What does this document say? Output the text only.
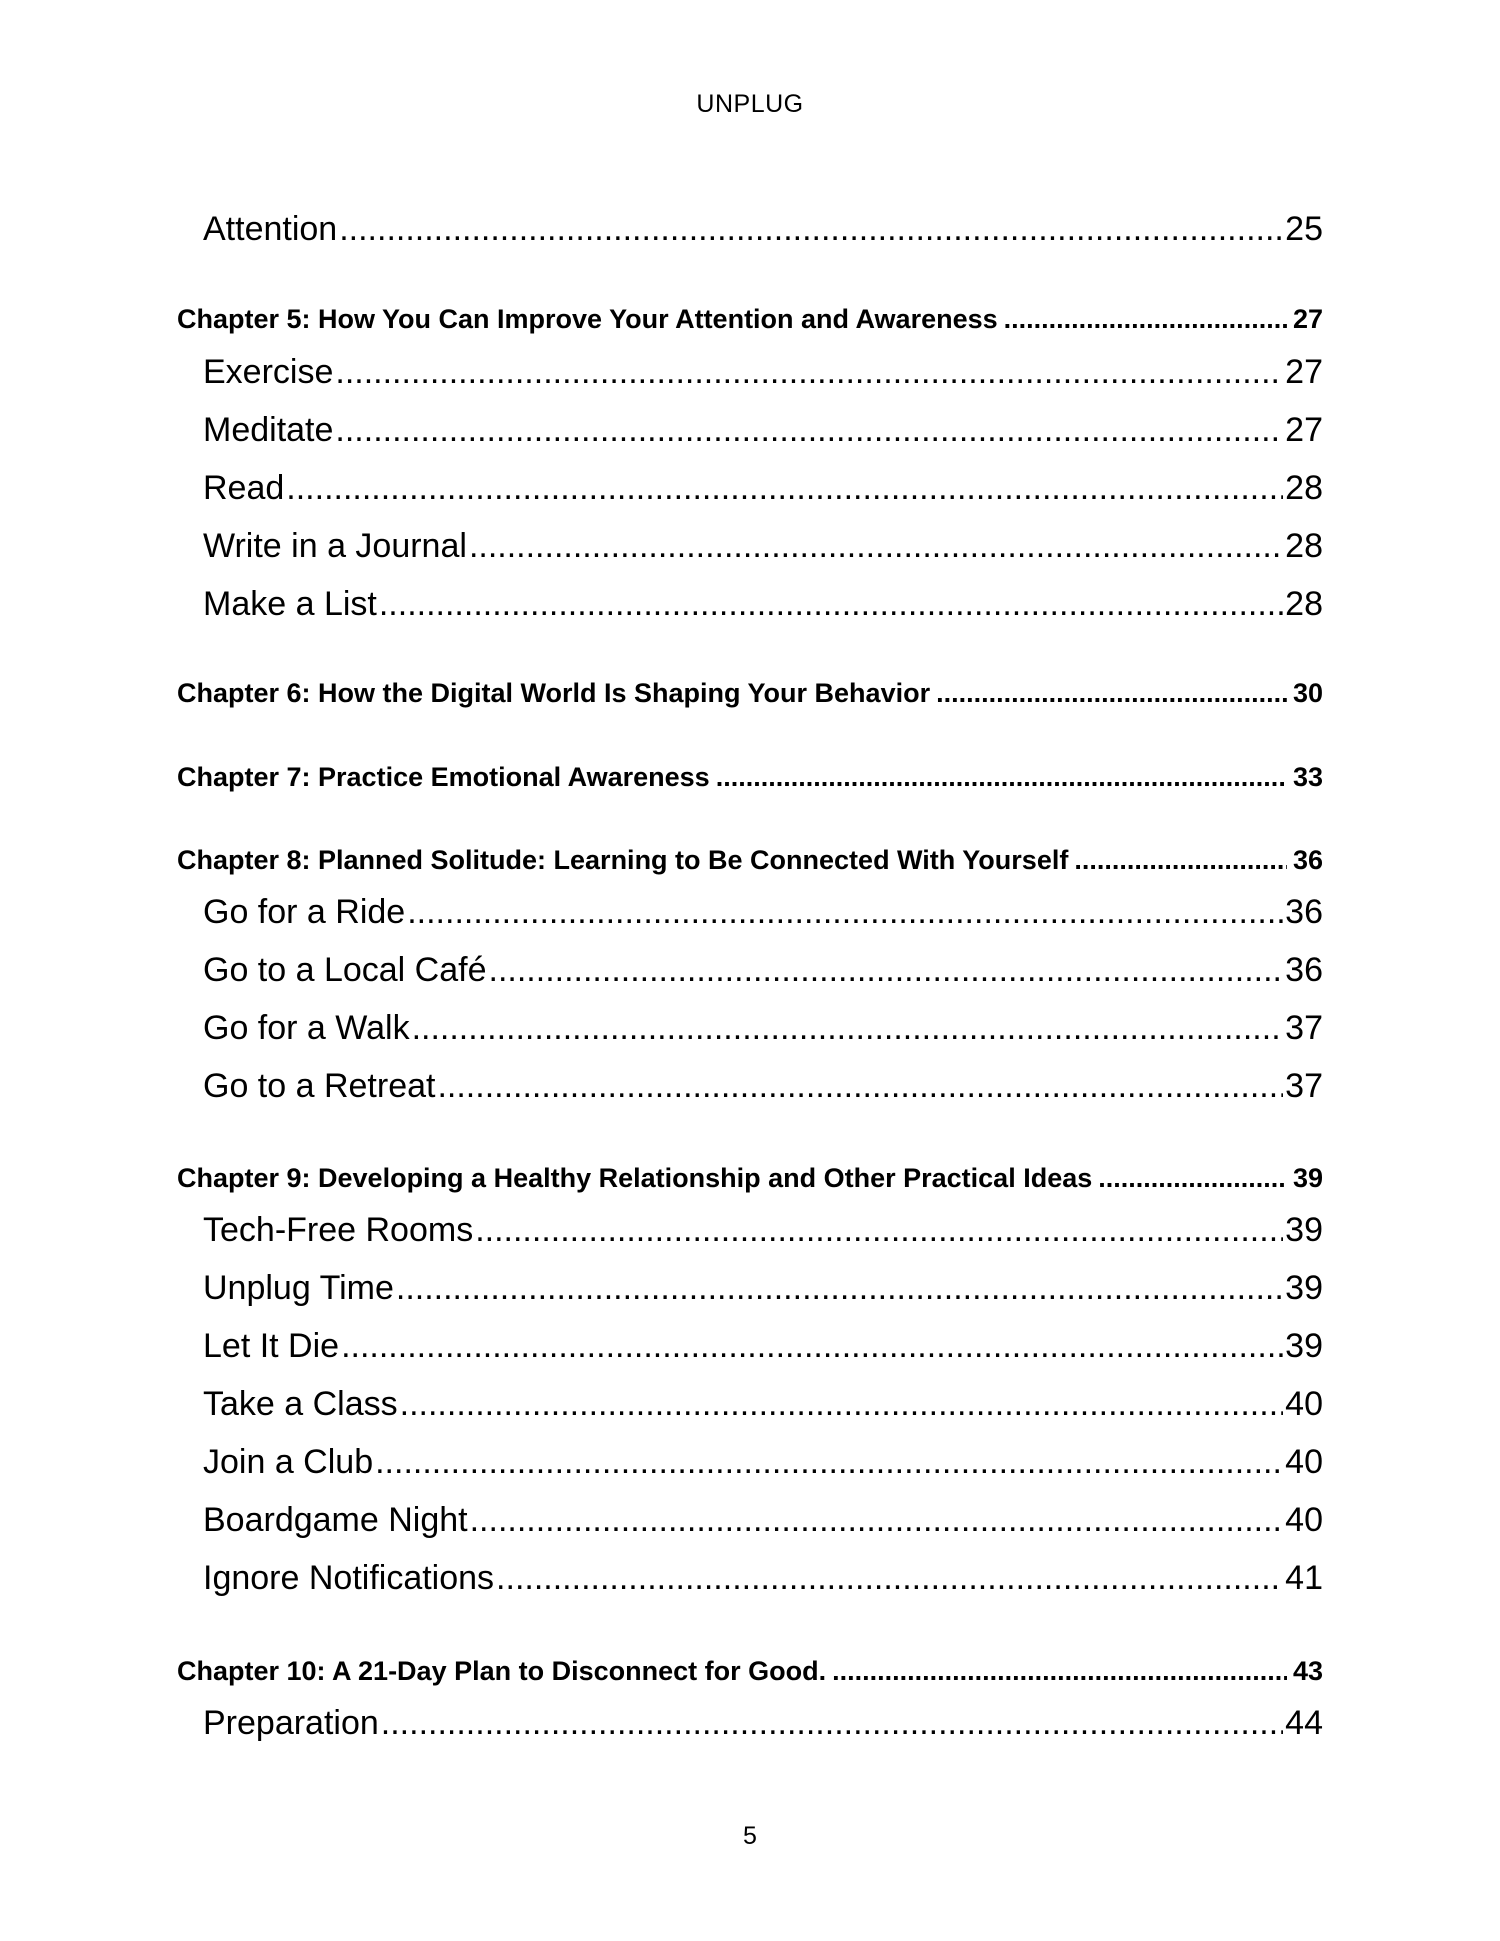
UNPLUG
Attention .....	25
Chapter 5: How You Can Improve Your Attention and Awareness .....	27
Exercise .....	27
Meditate .....	27
Read .....	28
Write in a Journal .....	28
Make a List .....	28
Chapter 6: How the Digital World Is Shaping Your Behavior .....	30
Chapter 7: Practice Emotional Awareness .....	33
Chapter 8: Planned Solitude: Learning to Be Connected With Yourself .....	36
Go for a Ride .....	36
Go to a Local Café .....	36
Go for a Walk .....	37
Go to a Retreat .....	37
Chapter 9: Developing a Healthy Relationship and Other Practical Ideas .....	39
Tech-Free Rooms .....	39
Unplug Time .....	39
Let It Die .....	39
Take a Class .....	40
Join a Club .....	40
Boardgame Night .....	40
Ignore Notifications .....	41
Chapter 10: A 21-Day Plan to Disconnect for Good. .....	43
Preparation .....	44
5
